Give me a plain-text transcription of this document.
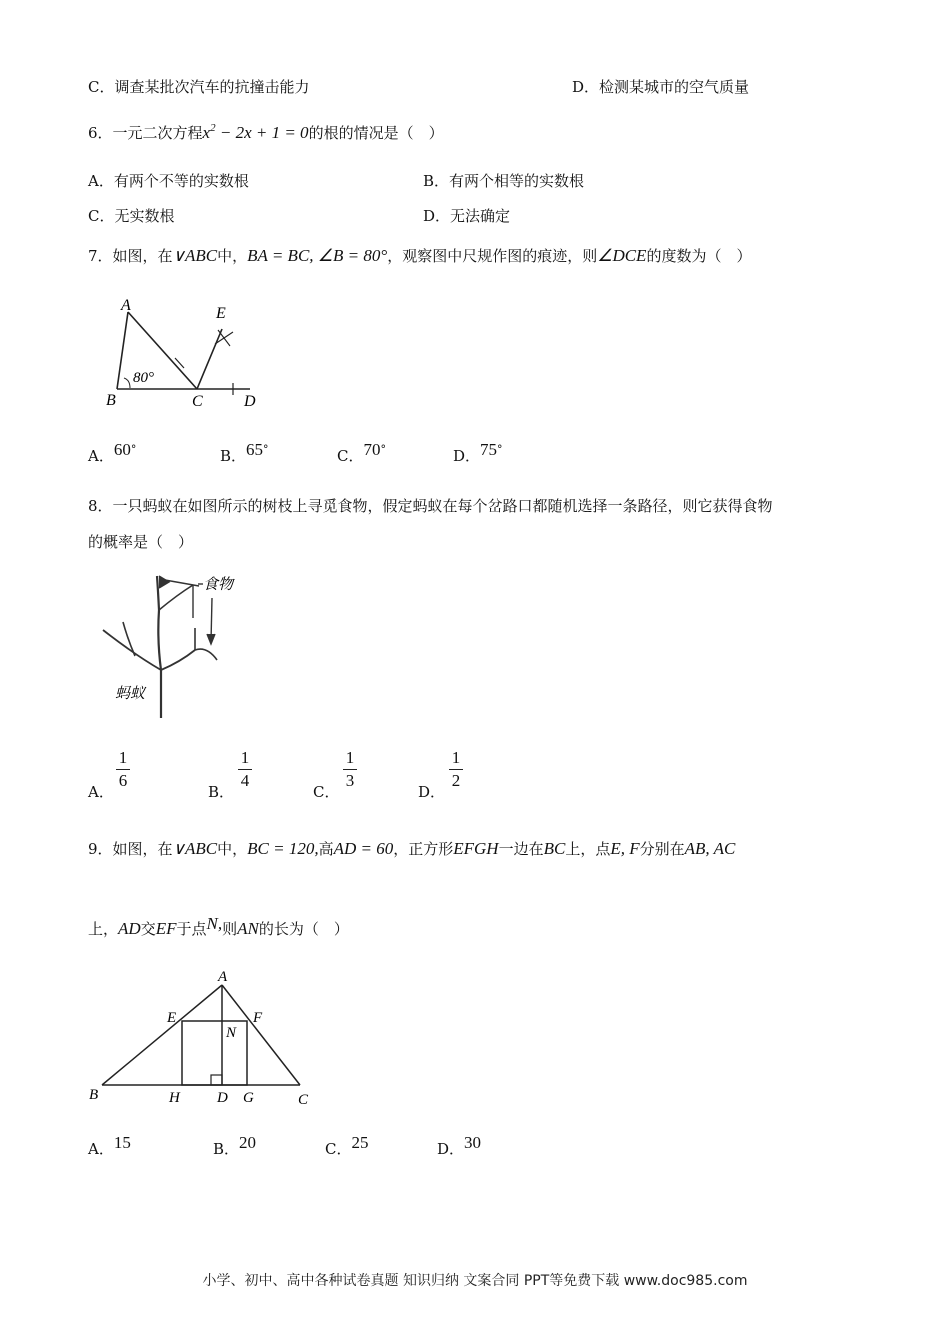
C．调查某批次汽车的抗撞击能力	D．检测某城市的空气质量
6．一元二次方程$x^2 - 2x + 1 = 0$的根的情况是（　）
A．有两个不等的实数根	B．有两个相等的实数根
C．无实数根	D．无法确定
7．如图，在∨ABC中，BA = BC, ∠B = 80°，观察图中尺规作图的痕迹，则∠DCE的度数为（　）
A
B	C	D
E
80°
A．60°	B．65°	C．70°	D．75°
8．一只蚂蚁在如图所示的树枝上寻觅食物，假定蚂蚁在每个岔路口都随机选择一条路径，则它获得食物
的概率是（　）
食物
蚂蚁
A．
1
6
B．
1
4
C．
1
3
D．
1
2
9．如图，在∨ABC中，BC = 120,高AD = 60，正方形EFGH一边在BC上，点E, F分别在AB, AC
上，AD交EF于点N,则AN的长为（　）
A
B	C
D
E	F
G
H
N
A．15	B．20	C．25	D．30
小学、初中、高中各种试卷真题 知识归纳 文案合同 PPT等免费下载 www.doc985.com
